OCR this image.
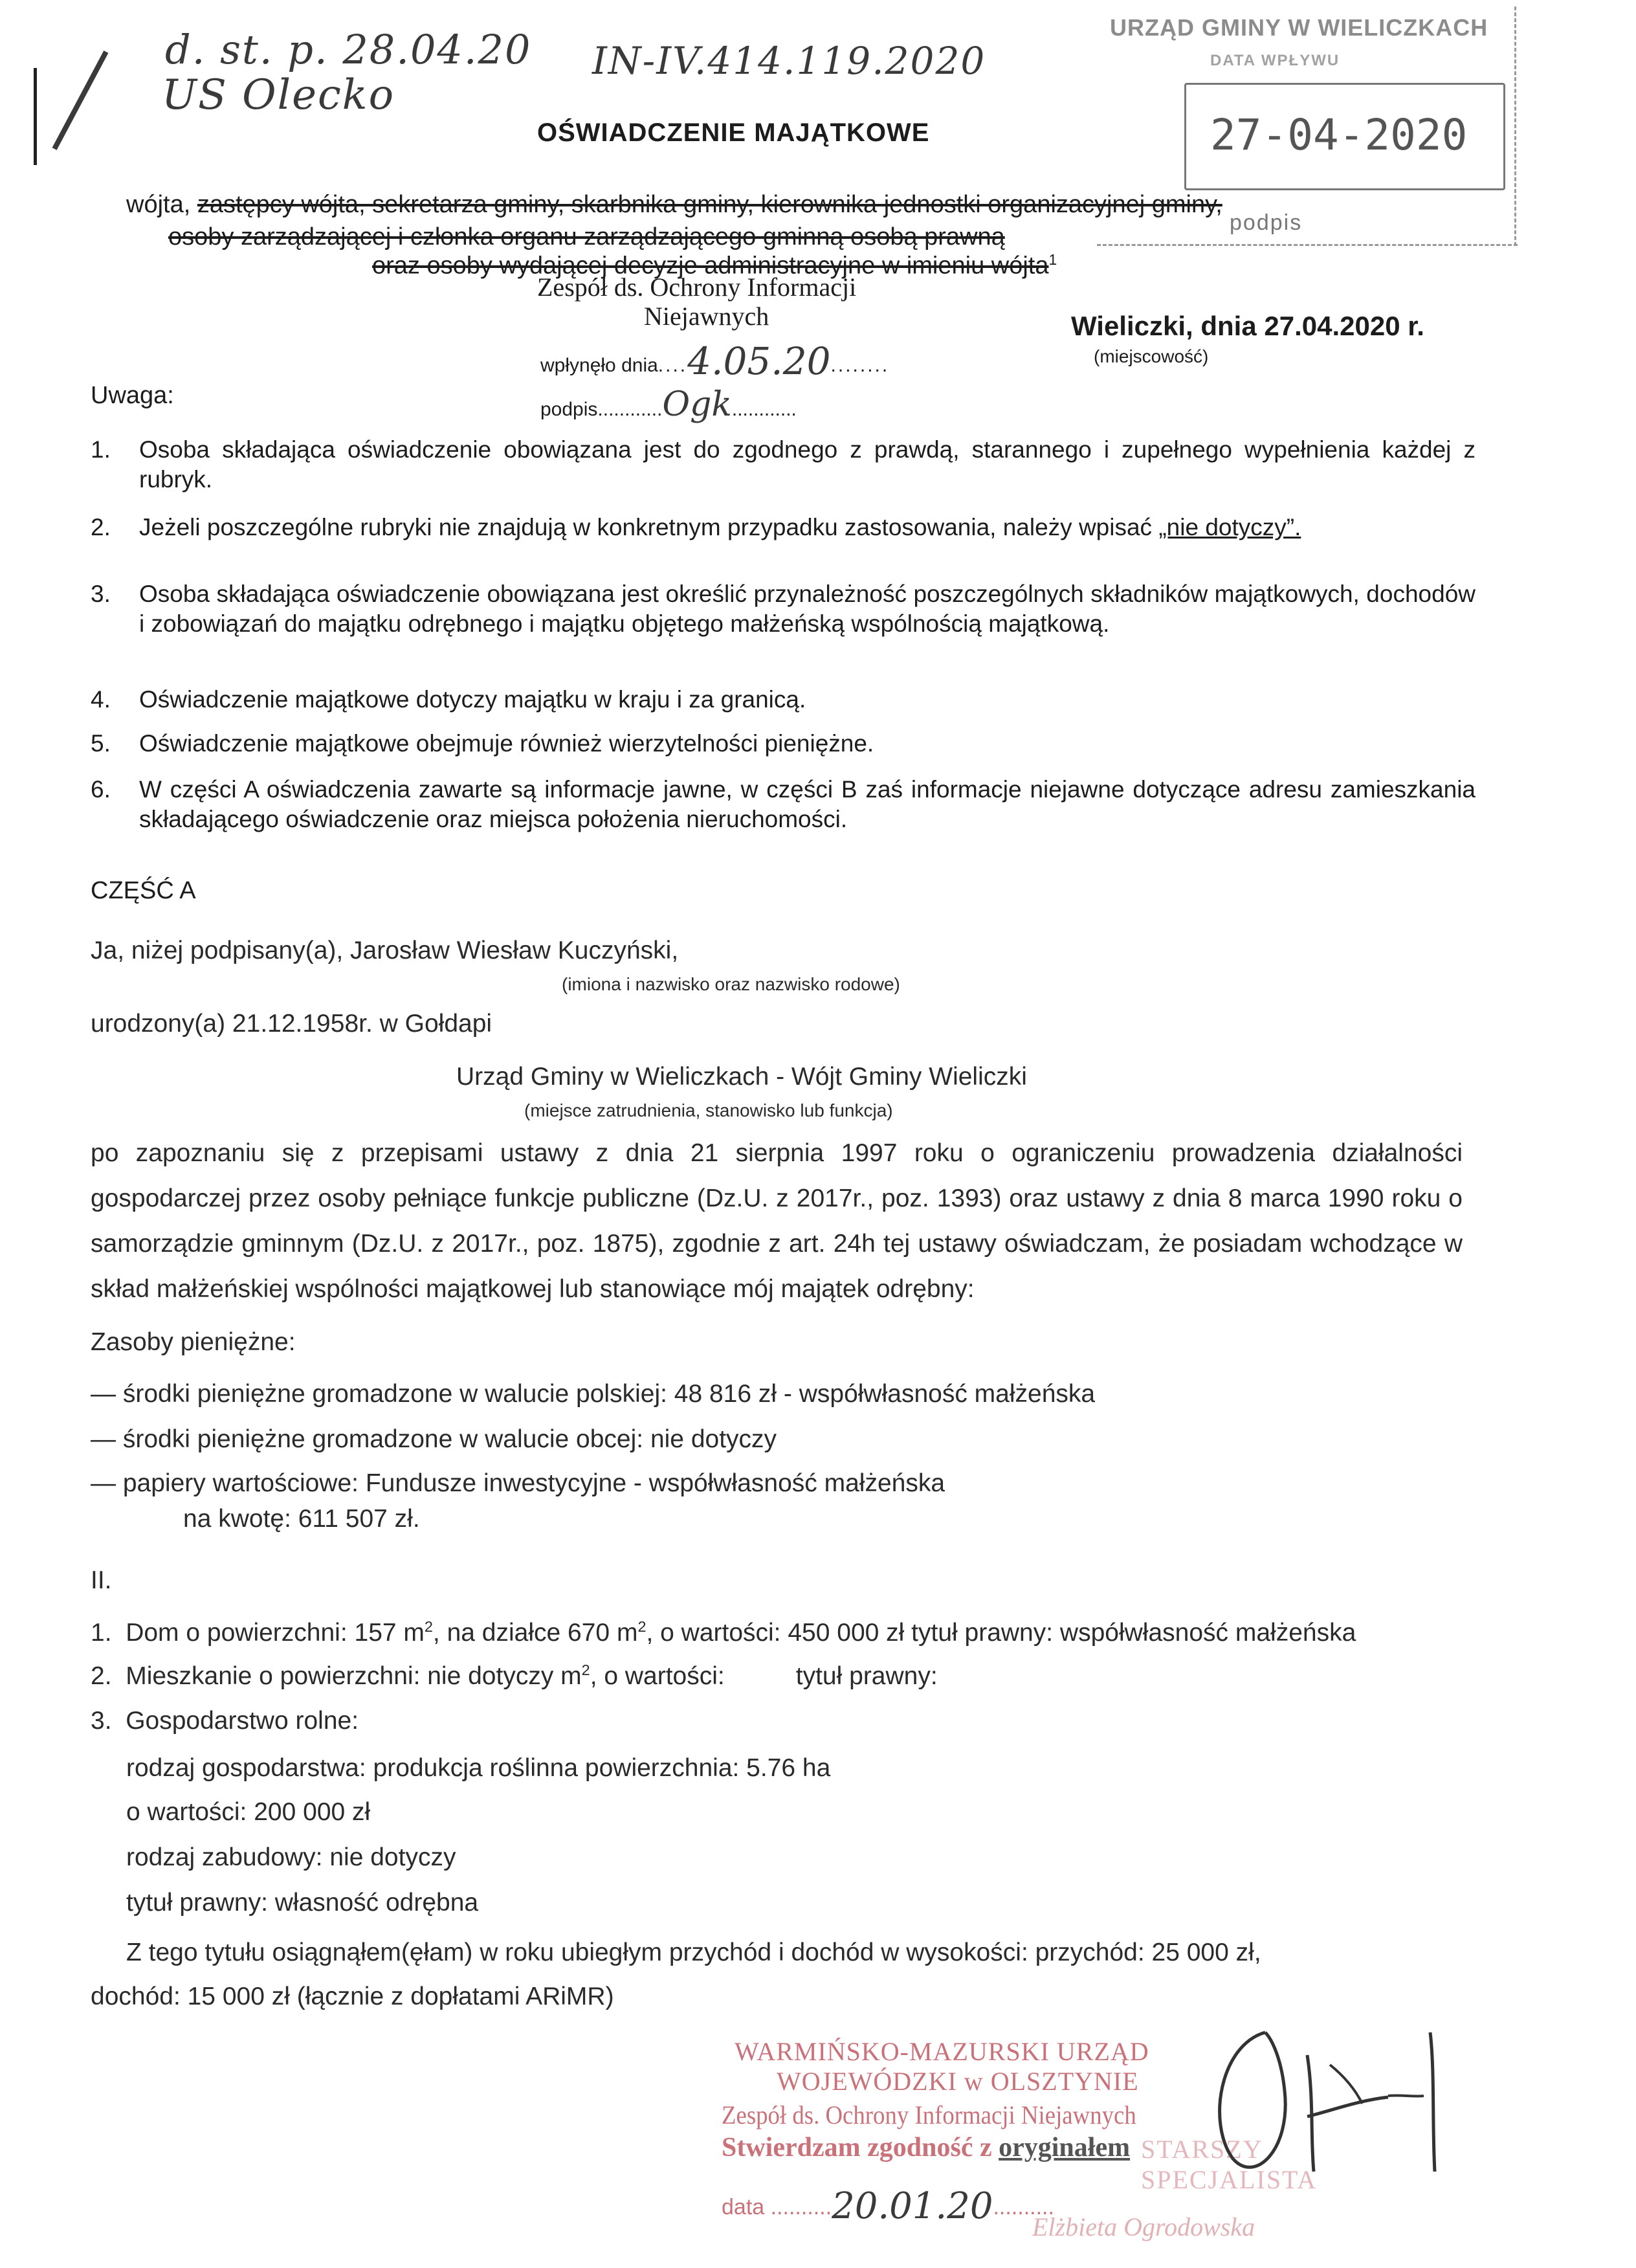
d. st. p. 28.04.20
US Olecko
IN-IV.414.119.2020
OŚWIADCZENIE MAJĄTKOWE
URZĄD GMINY W WIELICZKACH
DATA WPŁYWU
27-04-2020
podpis
wójta, zastępcy wójta, sekretarza gminy, skarbnika gminy, kierownika jednostki organizacyjnej gminy,
osoby zarządzającej i członka organu zarządzającego gminną osobą prawną
oraz osoby wydającej decyzje administracyjne w imieniu wójta$^1$
Zespół ds. Ochrony Informacji
Niejawnych
wpłynęło dnia....4.05.20........
podpis............Ogk............
Wieliczki, dnia 27.04.2020 r.
(miejscowość)
Uwaga:
1.	Osoba składająca oświadczenie obowiązana jest do zgodnego z prawdą, starannego i zupełnego wypełnienia każdej z rubryk.
2.	Jeżeli poszczególne rubryki nie znajdują w konkretnym przypadku zastosowania, należy wpisać „nie dotyczy”.
3.	Osoba składająca oświadczenie obowiązana jest określić przynależność poszczególnych składników majątkowych, dochodów i zobowiązań do majątku odrębnego i majątku objętego małżeńską wspólnością majątkową.
4.	Oświadczenie majątkowe dotyczy majątku w kraju i za granicą.
5.	Oświadczenie majątkowe obejmuje również wierzytelności pieniężne.
6.	W części A oświadczenia zawarte są informacje jawne, w części B zaś informacje niejawne dotyczące adresu zamieszkania składającego oświadczenie oraz miejsca położenia nieruchomości.
CZĘŚĆ A
Ja, niżej podpisany(a), Jarosław Wiesław Kuczyński,
(imiona i nazwisko oraz nazwisko rodowe)
urodzony(a) 21.12.1958r. w Gołdapi
Urząd Gminy w Wieliczkach - Wójt Gminy Wieliczki
(miejsce zatrudnienia, stanowisko lub funkcja)
po zapoznaniu się z przepisami ustawy z dnia 21 sierpnia 1997 roku o ograniczeniu prowadzenia działalności gospodarczej przez osoby pełniące funkcje publiczne (Dz.U. z 2017r., poz. 1393) oraz ustawy z dnia 8 marca 1990 roku o samorządzie gminnym (Dz.U. z 2017r., poz. 1875), zgodnie z art. 24h tej ustawy oświadczam, że posiadam wchodzące w skład małżeńskiej wspólności majątkowej lub stanowiące mój majątek odrębny:
Zasoby pieniężne:
— środki pieniężne gromadzone w walucie polskiej: 48 816 zł - współwłasność małżeńska
— środki pieniężne gromadzone w walucie obcej: nie dotyczy
— papiery wartościowe: Fundusze inwestycyjne - współwłasność małżeńska
na kwotę: 611 507 zł.
II.
1. Dom o powierzchni: 157 $m^2$, na działce 670 $m^2$, o wartości: 450 000 zł tytuł prawny: współwłasność małżeńska
2. Mieszkanie o powierzchni: nie dotyczy $m^2$, o wartości:	tytuł prawny:
3. Gospodarstwo rolne:
rodzaj gospodarstwa: produkcja roślinna powierzchnia: 5.76 ha
o wartości: 200 000 zł
rodzaj zabudowy: nie dotyczy
tytuł prawny: własność odrębna
Z tego tytułu osiągnąłem(ęłam) w roku ubiegłym przychód i dochód w wysokości: przychód: 25 000 zł,
dochód: 15 000 zł (łącznie z dopłatami ARiMR)
WARMIŃSKO-MAZURSKI URZĄD
WOJEWÓDZKI w OLSZTYNIE
Zespół ds. Ochrony Informacji Niejawnych
Stwierdzam zgodność z oryginałem
data ..........20.01.20..........
STARSZY SPECJALISTA
Elżbieta Ogrodowska
